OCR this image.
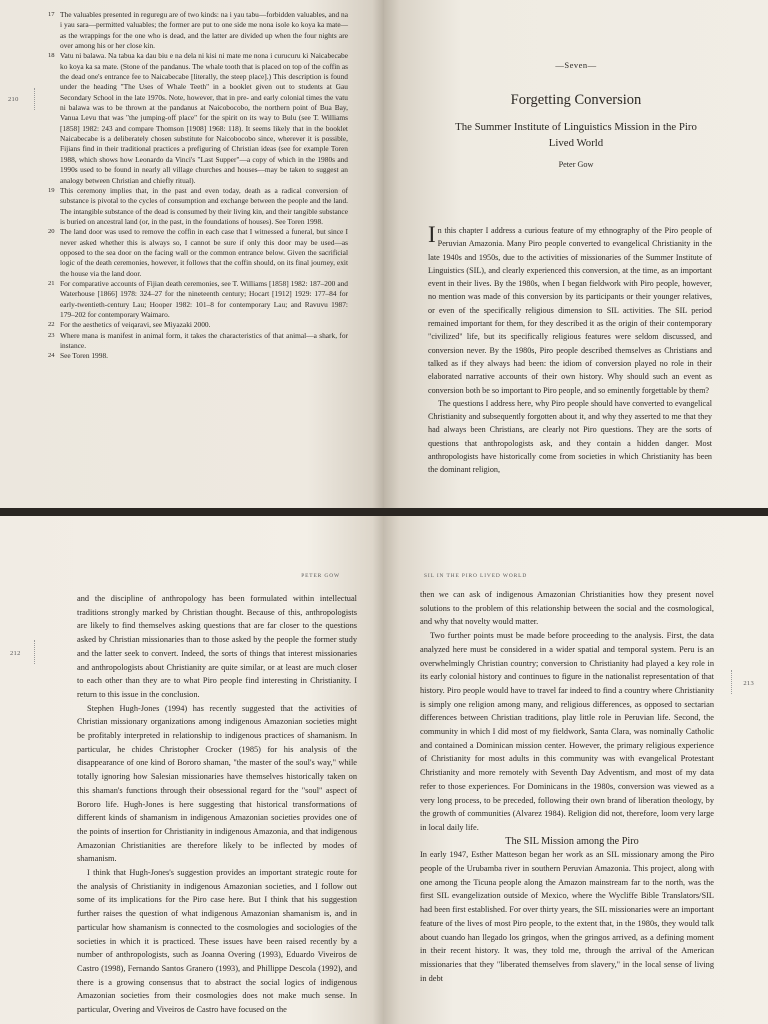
210
17 The valuables presented in reguregu are of two kinds: na i yau tabu—forbidden valuables, and na i yau sara—permitted valuables; the former are put to one side me nona isole ko koya ka mate—as the wrappings for the one who is dead, and the latter are divided up when the four nights are over among his or her close kin.
18 Vatu ni balawa. Na tabua ka dau biu e na dela ni kisi ni mate me nona i curucuru ki Naicabecabe ko koya ka sa mate. (Stone of the pandanus. The whale tooth that is placed on top of the coffin as the dead one's entrance fee to Naicabecabe [literally, the steep place].) This description is found under the heading "The Uses of Whale Teeth" in a booklet given out to students at Gau Secondary School in the late 1970s. Note, however, that in pre- and early colonial times the vatu ni balawa was to be thrown at the pandanus at Naicobocobo, the northern point of Bua Bay, Vanua Levu that was "the jumping-off place" for the spirit on its way to Bulu (see T. Williams [1858] 1982: 243 and compare Thomson [1908] 1968: 118). It seems likely that in the booklet Naicabecabe is a deliberately chosen substitute for Naicobocobo since, wherever it is possible, Fijians find in their traditional practices a prefiguring of Christian ideas (see for example Toren 1988, which shows how Leonardo da Vinci's "Last Supper"—a copy of which in the 1980s and 1990s used to be found in nearly all village churches and houses—may be taken to suggest an analogy between Christian and chiefly ritual).
19 This ceremony implies that, in the past and even today, death as a radical conversion of substance is pivotal to the cycles of consumption and exchange between the people and the land. The intangible substance of the dead is consumed by their living kin, and their tangible substance is buried on ancestral land (or, in the past, in the foundations of houses). See Toren 1998.
20 The land door was used to remove the coffin in each case that I witnessed a funeral, but since I never asked whether this is always so, I cannot be sure if only this door may be used—as opposed to the sea door on the facing wall or the common entrance below. Given the sacrificial logic of the death ceremonies, however, it follows that the coffin should, on its final journey, exit the house via the land door.
21 For comparative accounts of Fijian death ceremonies, see T. Williams [1858] 1982: 187–200 and Waterhouse [1866] 1978: 324–27 for the nineteenth century; Hocart [1912] 1929: 177–84 for early-twentieth-century Lau; Hooper 1982: 101–8 for contemporary Lau; and Ravuvu 1987: 179–202 for contemporary Waimaro.
22 For the aesthetics of veiqaravi, see Miyazaki 2000.
23 Where mana is manifest in animal form, it takes the characteristics of that animal—a shark, for instance.
24 See Toren 1998.
—Seven—
Forgetting Conversion
The Summer Institute of Linguistics Mission in the Piro Lived World
Peter Gow

In this chapter I address a curious feature of my ethnography of the Piro people of Peruvian Amazonia. Many Piro people converted to evangelical Christianity in the late 1940s and 1950s, due to the activities of missionaries of the Summer Institute of Linguistics (SIL), and clearly experienced this conversion, at the time, as an important event in their lives. By the 1980s, when I began fieldwork with Piro people, however, no mention was made of this conversion by its participants or their younger relatives, or even of the specifically religious dimension to SIL activities. The SIL period remained important for them, for they described it as the origin of their contemporary "civilized" life, but its specifically religious features were seldom discussed, and conversion never. By the 1980s, Piro people described themselves as Christians and talked as if they always had been: the idiom of conversion played no role in their elaborated narrative accounts of their own history. Why should such an event as conversion both be so important to Piro people, and so eminently forgettable by them?

The questions I address here, why Piro people should have converted to evangelical Christianity and subsequently forgotten about it, and why they asserted to me that they had always been Christians, are clearly not Piro questions. They are the sorts of questions that anthropologists ask, and they contain a hidden danger. Most anthropologists have historically come from societies in which Christianity has been the dominant religion,

PETER GOW
212

and the discipline of anthropology has been formulated within intellectual traditions strongly marked by Christian thought. Because of this, anthropologists are likely to find themselves asking questions that are far closer to the questions asked by Christian missionaries than to those asked by the people the former study and the latter seek to convert. Indeed, the sorts of things that interest missionaries and anthropologists about Christianity are quite similar, or at least are much closer to each other than they are to what Piro people find interesting in Christianity. I return to this issue in the conclusion.

Stephen Hugh-Jones (1994) has recently suggested that the activities of Christian missionary organizations among indigenous Amazonian societies might be profitably interpreted in relationship to indigenous practices of shamanism. In particular, he chides Christopher Crocker (1985) for his analysis of the disappearance of one kind of Bororo shaman, "the master of the soul's way," while totally ignoring how Salesian missionaries have themselves historically taken on this shaman's functions through their obsessional regard for the "soul" aspect of Bororo life. Hugh-Jones is here suggesting that historical transformations of different kinds of shamanism in indigenous Amazonian societies provides one of the points of insertion for Christianity in indigenous Amazonia, and that indigenous Amazonian Christianities are therefore likely to be inflected by modes of shamanism.

I think that Hugh-Jones's suggestion provides an important strategic route for the analysis of Christianity in indigenous Amazonian societies, and I follow out some of its implications for the Piro case here. But I think that his suggestion further raises the question of what indigenous Amazonian shamanism is, and in particular how shamanism is connected to the cosmologies and sociologies of the societies in which it is practiced. These issues have been raised recently by a number of anthropologists, such as Joanna Overing (1993), Eduardo Viveiros de Castro (1998), Fernando Santos Granero (1993), and Phillippe Descola (1992), and there is a growing consensus that to abstract the social logics of indigenous Amazonian societies from their cosmologies does not make much sense. In particular, Overing and Viveiros de Castro have focused on the

SIL IN THE PIRO LIVED WORLD
213

then we can ask of indigenous Amazonian Christianities how they present novel solutions to the problem of this relationship between the social and the cosmological, and why that novelty would matter.

Two further points must be made before proceeding to the analysis. First, the data analyzed here must be considered in a wider spatial and temporal system. Peru is an overwhelmingly Christian country; conversion to Christianity had played a key role in its early colonial history and continues to figure in the nationalist representation of that history. Piro people would have to travel far indeed to find a country where Christianity is simply one religion among many, and religious differences, as opposed to sectarian differences between Christian traditions, play little role in Peruvian life. Second, the community in which I did most of my fieldwork, Santa Clara, was nominally Catholic and contained a Dominican mission center. However, the primary religious experience of Christianity for most adults in this community was with evangelical Protestant Christianity and more remotely with Seventh Day Adventism, and most of my data refer to those experiences. For Dominicans in the 1980s, conversion was viewed as a very long process, to be preceded, following their own brand of liberation theology, by the growth of communities (Alvarez 1984). Religion did not, therefore, loom very large in local daily life.

The SIL Mission among the Piro

In early 1947, Esther Matteson began her work as an SIL missionary among the Piro people of the Urubamba river in southern Peruvian Amazonia. This project, along with one among the Ticuna people along the Amazon mainstream far to the north, was the first SIL evangelization outside of Mexico, where the Wycliffe Bible Translators/SIL had been first established. For over thirty years, the SIL missionaries were an important feature of the lives of most Piro people, to the extent that, in the 1980s, they would talk about cuando han llegado los gringos, when the gringos arrived, as a defining moment in their recent history. It was, they told me, through the arrival of the American missionaries that they "liberated themselves from slavery," in the local sense of living in debt
